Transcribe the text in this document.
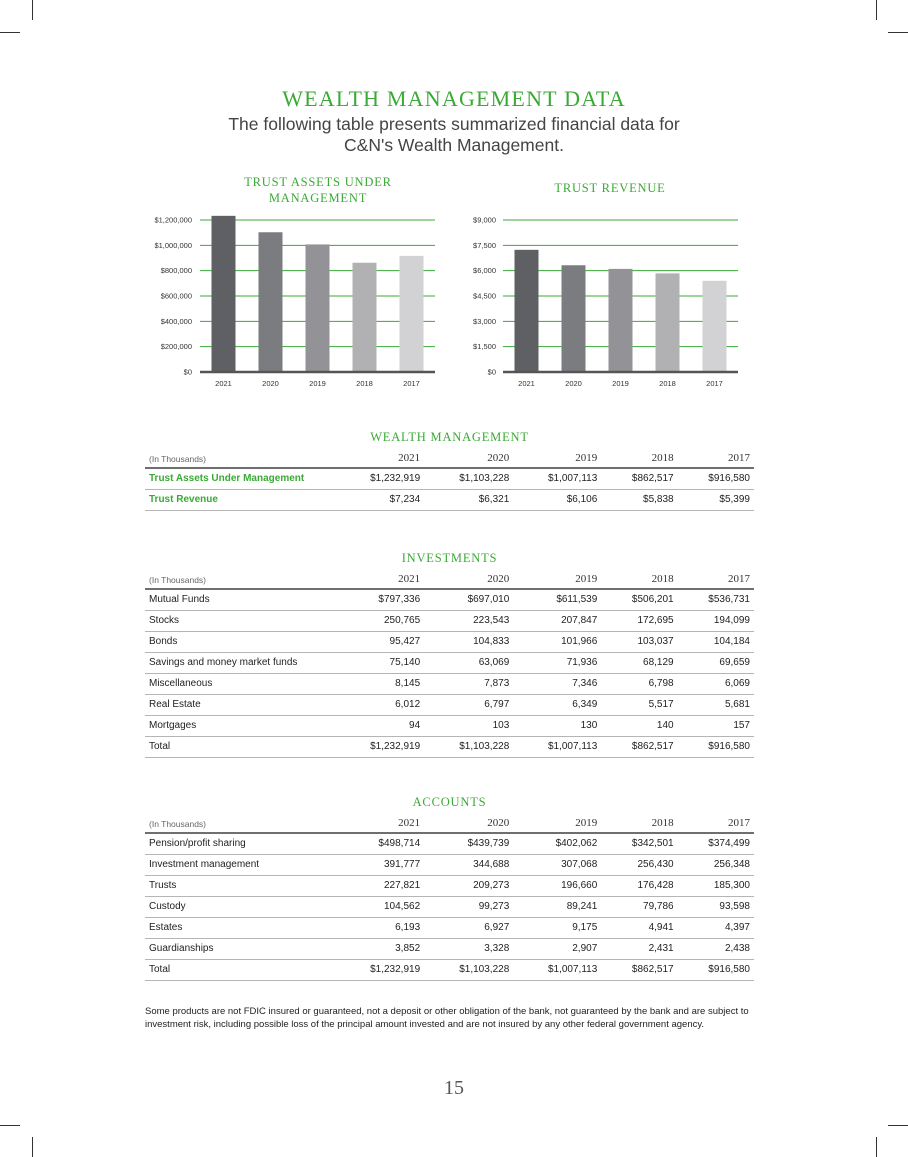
WEALTH MANAGEMENT DATA
The following table presents summarized financial data for C&N's Wealth Management.
TRUST ASSETS UNDER MANAGEMENT
$0
$200,000
$400,000
$600,000
$800,000
$1,000,000
$1,200,000
2021	2020	2019	2018	2017
TRUST REVENUE
$0
$1,500
$3,000
$4,500
$6,000
$7,500
$9,000
2021	2020	2019	2018	2017
WEALTH MANAGEMENT
(In Thousands)	2021	2020	2019	2018	2017
Trust Assets Under Management	$1,232,919	$1,103,228	$1,007,113	$862,517	$916,580
Trust Revenue	$7,234	$6,321	$6,106	$5,838	$5,399
INVESTMENTS
(In Thousands)	2021	2020	2019	2018	2017
Mutual Funds	$797,336	$697,010	$611,539	$506,201	$536,731
Stocks	250,765	223,543	207,847	172,695	194,099
Bonds	95,427	104,833	101,966	103,037	104,184
Savings and money market funds	75,140	63,069	71,936	68,129	69,659
Miscellaneous	8,145	7,873	7,346	6,798	6,069
Real Estate	6,012	6,797	6,349	5,517	5,681
Mortgages	94	103	130	140	157
Total	$1,232,919	$1,103,228	$1,007,113	$862,517	$916,580
ACCOUNTS
(In Thousands)	2021	2020	2019	2018	2017
Pension/profit sharing	$498,714	$439,739	$402,062	$342,501	$374,499
Investment management	391,777	344,688	307,068	256,430	256,348
Trusts	227,821	209,273	196,660	176,428	185,300
Custody	104,562	99,273	89,241	79,786	93,598
Estates	6,193	6,927	9,175	4,941	4,397
Guardianships	3,852	3,328	2,907	2,431	2,438
Total	$1,232,919	$1,103,228	$1,007,113	$862,517	$916,580
Some products are not FDIC insured or guaranteed, not a deposit or other obligation of the bank, not guaranteed by the bank and are subject to investment risk, including possible loss of the principal amount invested and are not insured by any other federal government agency.
15
